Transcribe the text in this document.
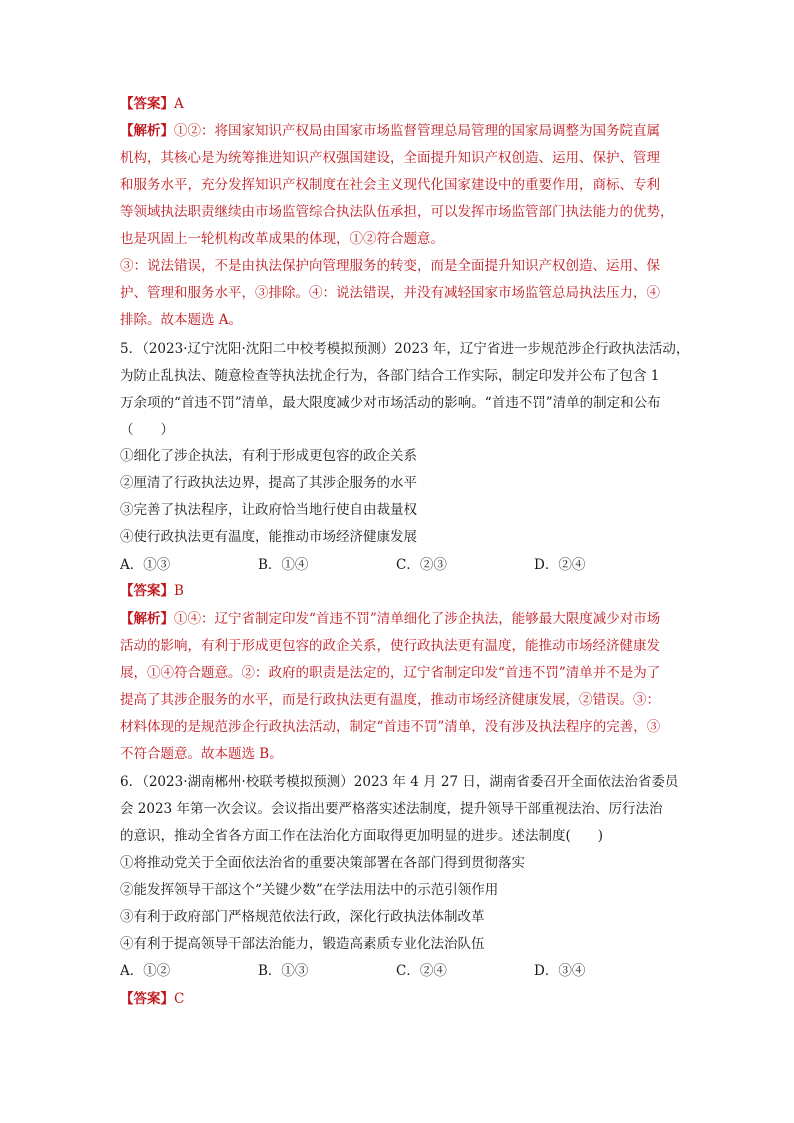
【答案】A
【解析】①②：将国家知识产权局由国家市场监督管理总局管理的国家局调整为国务院直属
机构，其核心是为统筹推进知识产权强国建设，全面提升知识产权创造、运用、保护、管理
和服务水平，充分发挥知识产权制度在社会主义现代化国家建设中的重要作用，商标、专利
等领域执法职责继续由市场监管综合执法队伍承担，可以发挥市场监管部门执法能力的优势，
也是巩固上一轮机构改革成果的体现，①②符合题意。
③：说法错误，不是由执法保护向管理服务的转变，而是全面提升知识产权创造、运用、保
护、管理和服务水平，③排除。④：说法错误，并没有减轻国家市场监管总局执法压力，④
排除。故本题选 A。
5．（2023·辽宁沈阳·沈阳二中校考模拟预测）2023 年，辽宁省进一步规范涉企行政执法活动，
为防止乱执法、随意检查等执法扰企行为，各部门结合工作实际，制定印发并公布了包含 1
万余项的“首违不罚”清单，最大限度减少对市场活动的影响。“首违不罚”清单的制定和公布
（　　）
①细化了涉企执法，有利于形成更包容的政企关系
②厘清了行政执法边界，提高了其涉企服务的水平
③完善了执法程序，让政府恰当地行使自由裁量权
④使行政执法更有温度，能推动市场经济健康发展
A．①③	B．①④	C．②③	D．②④
【答案】B
【解析】①④：辽宁省制定印发“首违不罚”清单细化了涉企执法，能够最大限度减少对市场
活动的影响，有利于形成更包容的政企关系，使行政执法更有温度，能推动市场经济健康发
展，①④符合题意。②：政府的职责是法定的，辽宁省制定印发“首违不罚”清单并不是为了
提高了其涉企服务的水平，而是行政执法更有温度，推动市场经济健康发展，②错误。③：
材料体现的是规范涉企行政执法活动，制定“首违不罚”清单，没有涉及执法程序的完善，③
不符合题意。故本题选 B。
6．（2023·湖南郴州·校联考模拟预测）2023 年 4 月 27 日，湖南省委召开全面依法治省委员
会 2023 年第一次会议。会议指出要严格落实述法制度，提升领导干部重视法治、厉行法治
的意识，推动全省各方面工作在法治化方面取得更加明显的进步。述法制度(　　)
①将推动党关于全面依法治省的重要决策部署在各部门得到贯彻落实
②能发挥领导干部这个“关键少数”在学法用法中的示范引领作用
③有利于政府部门严格规范依法行政，深化行政执法体制改革
④有利于提高领导干部法治能力，锻造高素质专业化法治队伍
A．①②	B．①③	C．②④	D．③④
【答案】C
